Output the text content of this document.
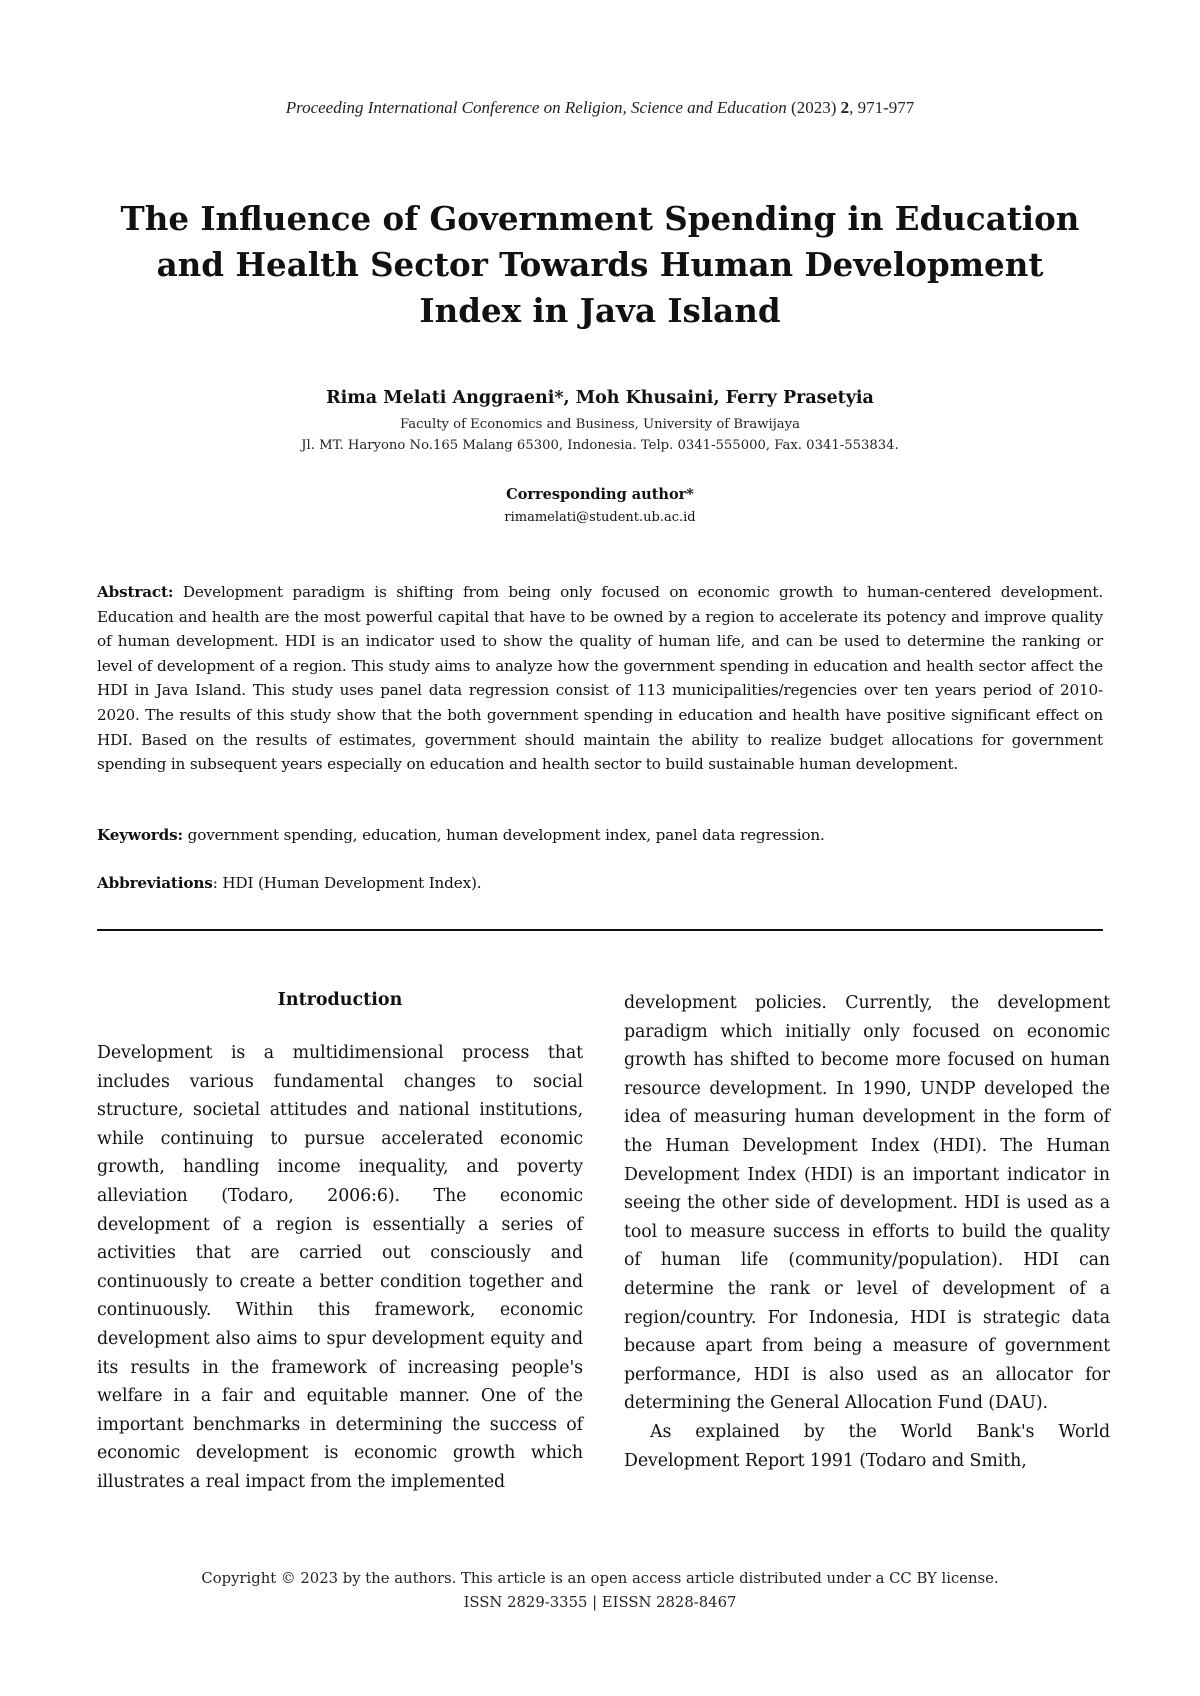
Proceeding International Conference on Religion, Science and Education (2023) 2, 971-977
The Influence of Government Spending in Education and Health Sector Towards Human Development Index in Java Island
Rima Melati Anggraeni*, Moh Khusaini, Ferry Prasetyia
Faculty of Economics and Business, University of Brawijaya
Jl. MT. Haryono No.165 Malang 65300, Indonesia. Telp. 0341-555000, Fax. 0341-553834.
Corresponding author*
rimamelati@student.ub.ac.id

Abstract: Development paradigm is shifting from being only focused on economic growth to human-centered development. Education and health are the most powerful capital that have to be owned by a region to accelerate its potency and improve quality of human development. HDI is an indicator used to show the quality of human life, and can be used to determine the ranking or level of development of a region. This study aims to analyze how the government spending in education and health sector affect the HDI in Java Island. This study uses panel data regression consist of 113 municipalities/regencies over ten years period of 2010-2020. The results of this study show that the both government spending in education and health have positive significant effect on HDI. Based on the results of estimates, government should maintain the ability to realize budget allocations for government spending in subsequent years especially on education and health sector to build sustainable human development.

Keywords: government spending, education, human development index, panel data regression.

Abbreviations: HDI (Human Development Index).

Introduction

Development is a multidimensional process that includes various fundamental changes to social structure, societal attitudes and national institutions, while continuing to pursue accelerated economic growth, handling income inequality, and poverty alleviation (Todaro, 2006:6). The economic development of a region is essentially a series of activities that are carried out consciously and continuously to create a better condition together and continuously. Within this framework, economic development also aims to spur development equity and its results in the framework of increasing people's welfare in a fair and equitable manner. One of the important benchmarks in determining the success of economic development is economic growth which illustrates a real impact from the implemented

development policies. Currently, the development paradigm which initially only focused on economic growth has shifted to become more focused on human resource development. In 1990, UNDP developed the idea of measuring human development in the form of the Human Development Index (HDI). The Human Development Index (HDI) is an important indicator in seeing the other side of development. HDI is used as a tool to measure success in efforts to build the quality of human life (community/population). HDI can determine the rank or level of development of a region/country. For Indonesia, HDI is strategic data because apart from being a measure of government performance, HDI is also used as an allocator for determining the General Allocation Fund (DAU).

As explained by the World Bank's World Development Report 1991 (Todaro and Smith,

Copyright © 2023 by the authors. This article is an open access article distributed under a CC BY license.
ISSN 2829-3355 | EISSN 2828-8467
